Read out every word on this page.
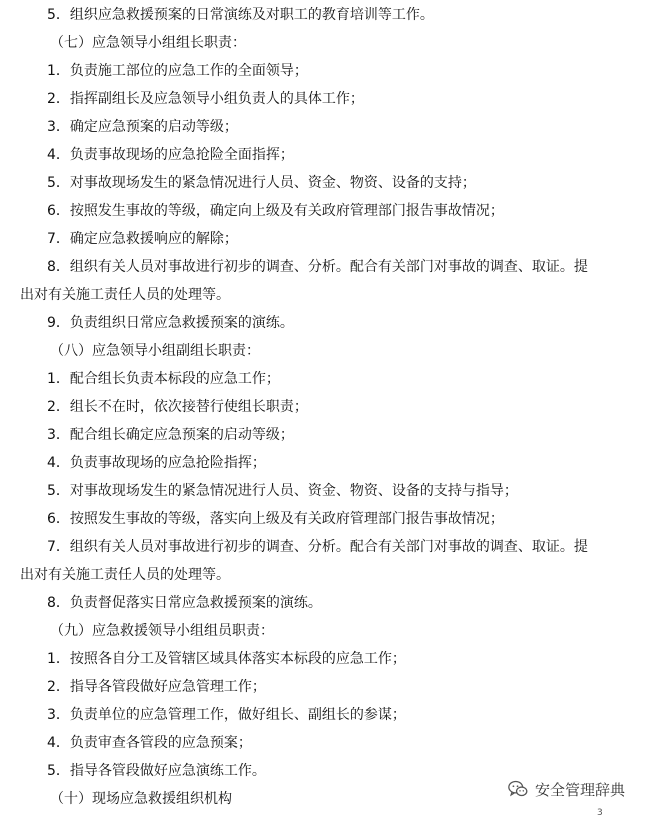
5．组织应急救援预案的日常演练及对职工的教育培训等工作。
（七）应急领导小组组长职责：
1．负责施工部位的应急工作的全面领导；
2．指挥副组长及应急领导小组负责人的具体工作；
3．确定应急预案的启动等级；
4．负责事故现场的应急抢险全面指挥；
5．对事故现场发生的紧急情况进行人员、资金、物资、设备的支持；
6．按照发生事故的等级，确定向上级及有关政府管理部门报告事故情况；
7．确定应急救援响应的解除；
8．组织有关人员对事故进行初步的调查、分析。配合有关部门对事故的调查、取证。提
出对有关施工责任人员的处理等。
9．负责组织日常应急救援预案的演练。
（八）应急领导小组副组长职责：
1．配合组长负责本标段的应急工作；
2．组长不在时，依次接替行使组长职责；
3．配合组长确定应急预案的启动等级；
4．负责事故现场的应急抢险指挥；
5．对事故现场发生的紧急情况进行人员、资金、物资、设备的支持与指导；
6．按照发生事故的等级，落实向上级及有关政府管理部门报告事故情况；
7．组织有关人员对事故进行初步的调查、分析。配合有关部门对事故的调查、取证。提
出对有关施工责任人员的处理等。
8．负责督促落实日常应急救援预案的演练。
（九）应急救援领导小组组员职责：
1．按照各自分工及管辖区域具体落实本标段的应急工作；
2．指导各管段做好应急管理工作；
3．负责单位的应急管理工作，做好组长、副组长的参谋；
4．负责审查各管段的应急预案；
5．指导各管段做好应急演练工作。
（十）现场应急救援组织机构
安全管理辞典
3
